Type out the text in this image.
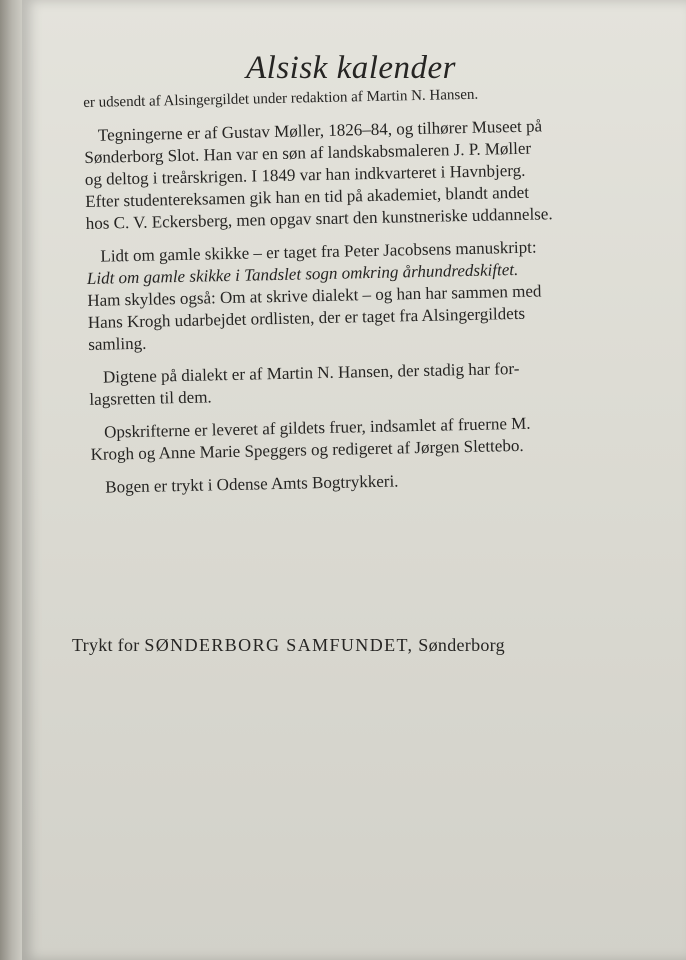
Alsisk kalender

er udsendt af Alsingergildet under redaktion af Martin N. Hansen.

Tegningerne er af Gustav Møller, 1826–84, og tilhører Museet på
Sønderborg Slot. Han var en søn af landskabsmaleren J. P. Møller
og deltog i treårskrigen. I 1849 var han indkvarteret i Havnbjerg.
Efter studentereksamen gik han en tid på akademiet, blandt andet
hos C. V. Eckersberg, men opgav snart den kunstneriske uddannelse.

Lidt om gamle skikke – er taget fra Peter Jacobsens manuskript:
Lidt om gamle skikke i Tandslet sogn omkring århundredskiftet.
Ham skyldes også: Om at skrive dialekt – og han har sammen med
Hans Krogh udarbejdet ordlisten, der er taget fra Alsingergildets
samling.

Digtene på dialekt er af Martin N. Hansen, der stadig har for-
lagsretten til dem.

Opskrifterne er leveret af gildets fruer, indsamlet af fruerne M.
Krogh og Anne Marie Speggers og redigeret af Jørgen Slettebo.

Bogen er trykt i Odense Amts Bogtrykkeri.

Trykt for SØNDERBORG SAMFUNDET, Sønderborg
